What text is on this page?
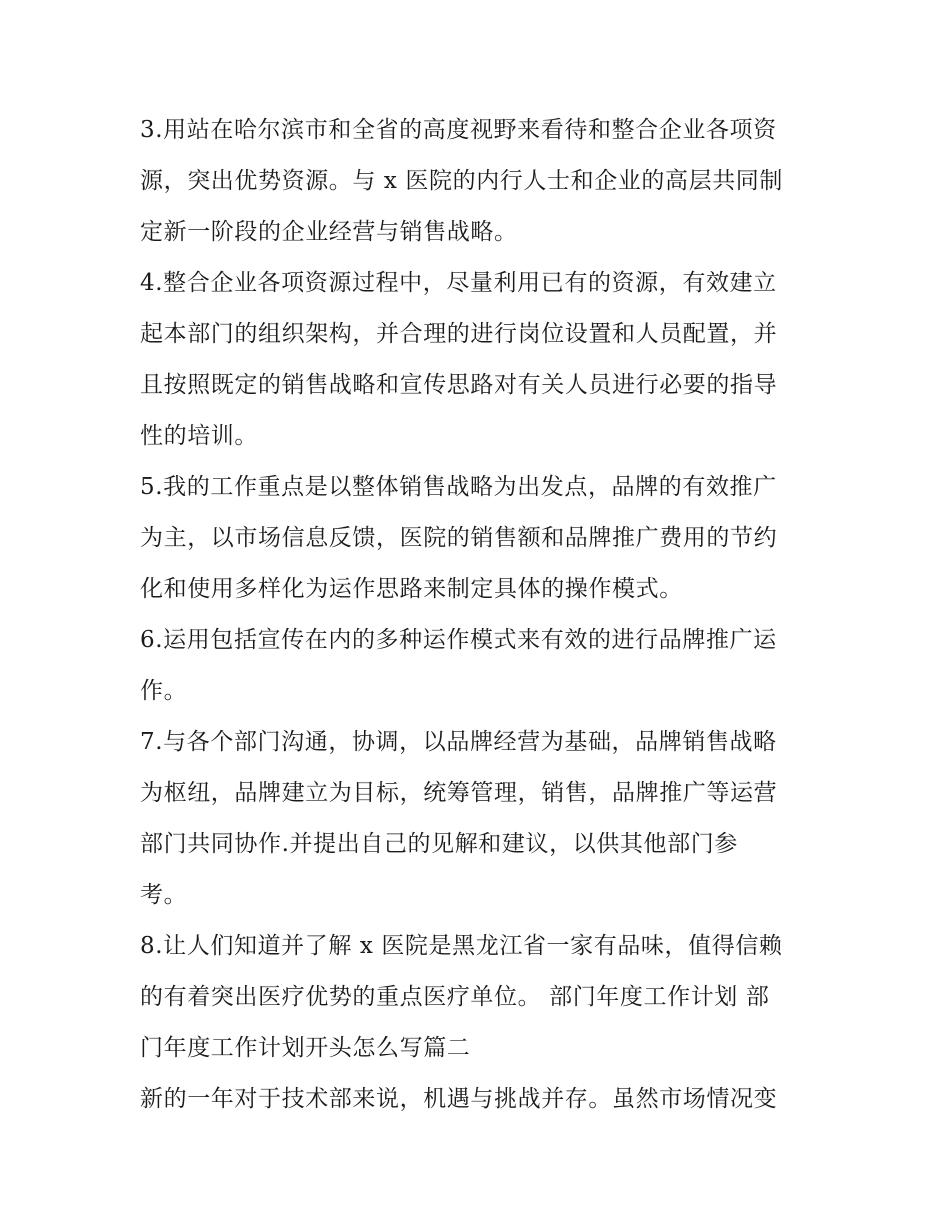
3.用站在哈尔滨市和全省的高度视野来看待和整合企业各项资
源，突出优势资源。与 x 医院的内行人士和企业的高层共同制
定新一阶段的企业经营与销售战略。
4.整合企业各项资源过程中，尽量利用已有的资源，有效建立
起本部门的组织架构，并合理的进行岗位设置和人员配置，并
且按照既定的销售战略和宣传思路对有关人员进行必要的指导
性的培训。
5.我的工作重点是以整体销售战略为出发点，品牌的有效推广
为主，以市场信息反馈，医院的销售额和品牌推广费用的节约
化和使用多样化为运作思路来制定具体的操作模式。
6.运用包括宣传在内的多种运作模式来有效的进行品牌推广运
作。
7.与各个部门沟通，协调，以品牌经营为基础，品牌销售战略
为枢纽，品牌建立为目标，统筹管理，销售，品牌推广等运营
部门共同协作.并提出自己的见解和建议，以供其他部门参
考。
8.让人们知道并了解 x 医院是黑龙江省一家有品味，值得信赖
的有着突出医疗优势的重点医疗单位。 部门年度工作计划 部
门年度工作计划开头怎么写篇二
新的一年对于技术部来说，机遇与挑战并存。虽然市场情况变
